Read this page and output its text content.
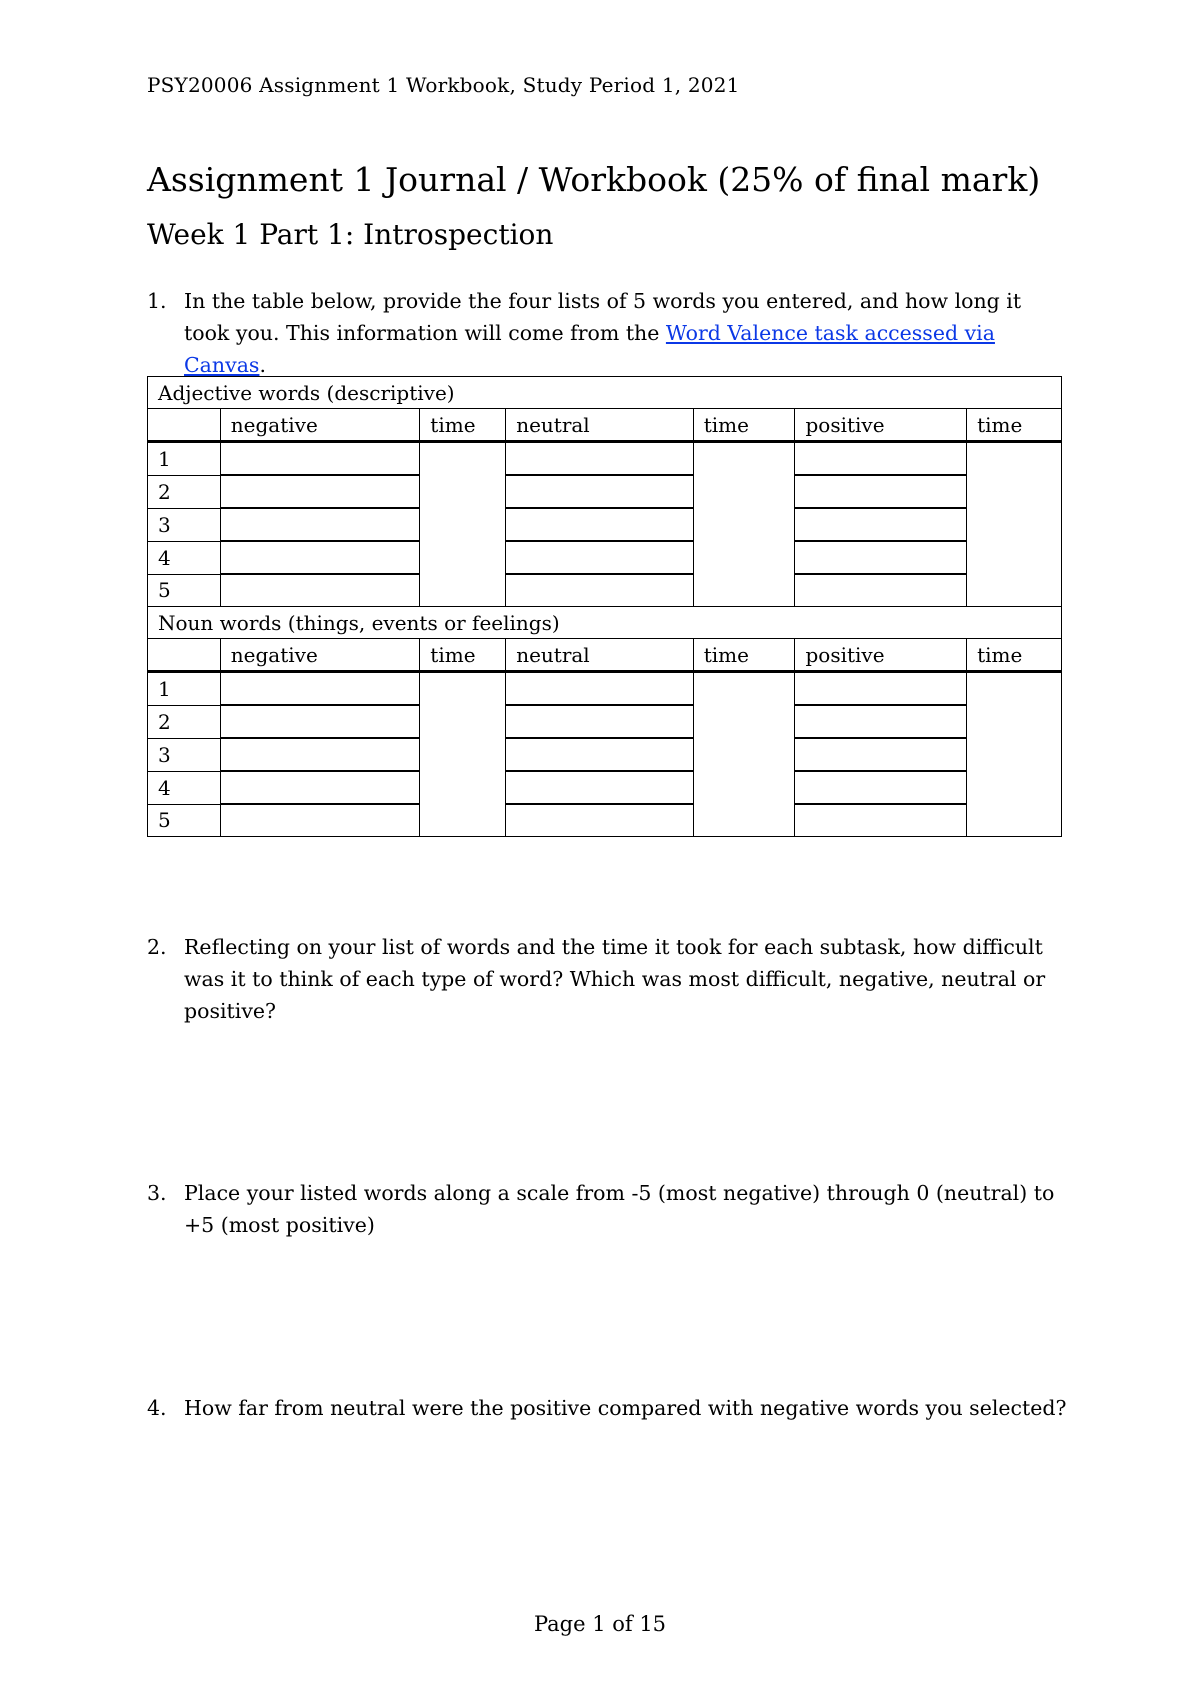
PSY20006 Assignment 1 Workbook, Study Period 1, 2021
Assignment 1 Journal / Workbook (25% of final mark)
Week 1 Part 1: Introspection
1. In the table below, provide the four lists of 5 words you entered, and how long it took you. This information will come from the Word Valence task accessed via Canvas.
Adjective words (descriptive)						
	negative	time	neutral	time	positive	time
1						
2						
3						
4						
5						
Noun words (things, events or feelings)						
	negative	time	neutral	time	positive	time
1						
2						
3						
4						
5						
2. Reflecting on your list of words and the time it took for each subtask, how difficult was it to think of each type of word? Which was most difficult, negative, neutral or positive?
3. Place your listed words along a scale from -5 (most negative) through 0 (neutral) to +5 (most positive)
4. How far from neutral were the positive compared with negative words you selected?
Page 1 of 15
